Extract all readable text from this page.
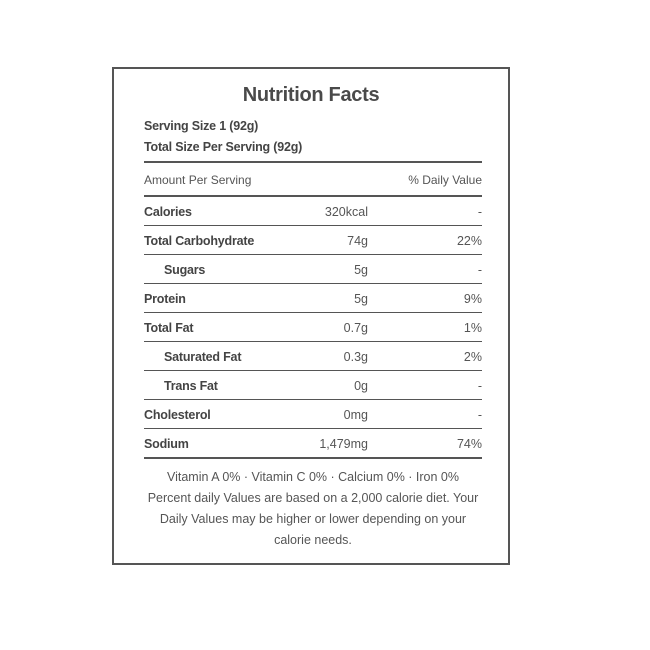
Nutrition Facts
Serving Size 1 (92g)
Total Size Per Serving (92g)
Amount Per Serving	% Daily Value
Calories	320kcal	-
Total Carbohydrate	74g	22%
Sugars	5g	-
Protein	5g	9%
Total Fat	0.7g	1%
Saturated Fat	0.3g	2%
Trans Fat	0g	-
Cholesterol	0mg	-
Sodium	1,479mg	74%
Vitamin A 0% · Vitamin C 0% · Calcium 0% · Iron 0%

Percent daily Values are based on a 2,000 calorie diet. Your Daily Values may be higher or lower depending on your calorie needs.
